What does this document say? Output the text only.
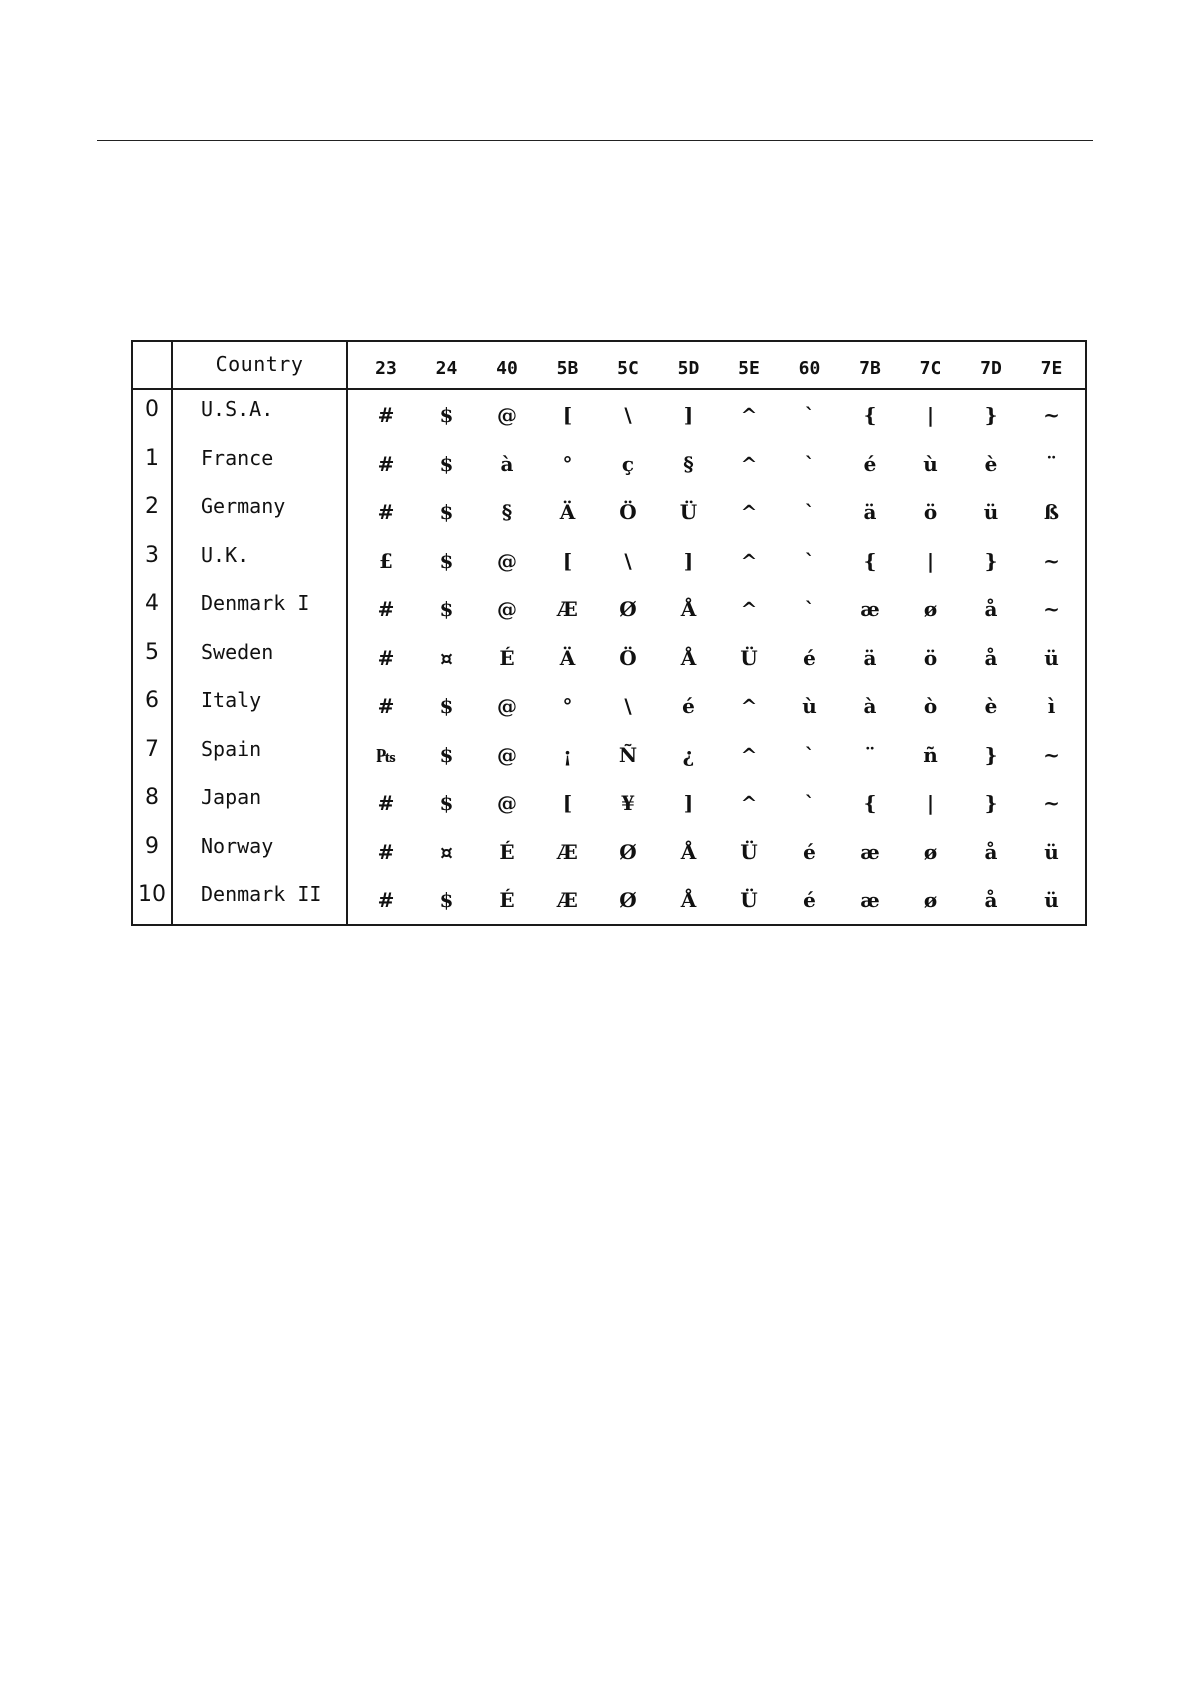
Country	23	24	40	5B	5C	5D	5E	60	7B	7C	7D	7E
0	U.S.A.	#	$	@	[	\	]	^	`	{	|	}	~
1	France	#	$	à	°	ç	§	^	`	é	ù	è	¨
2	Germany	#	$	§	Ä	Ö	Ü	^	`	ä	ö	ü	ß
3	U.K.	£	$	@	[	\	]	^	`	{	|	}	~
4	Denmark I	#	$	@	Æ	Ø	Å	^	`	æ	ø	å	~
5	Sweden	#	¤	É	Ä	Ö	Å	Ü	é	ä	ö	å	ü
6	Italy	#	$	@	°	\	é	^	ù	à	ò	è	ì
7	Spain	₧	$	@	¡	Ñ	¿	^	`	¨	ñ	}	~
8	Japan	#	$	@	[	¥	]	^	`	{	|	}	~
9	Norway	#	¤	É	Æ	Ø	Å	Ü	é	æ	ø	å	ü
10 Denmark II	#	$	É	Æ	Ø	Å	Ü	é	æ	ø	å	ü
